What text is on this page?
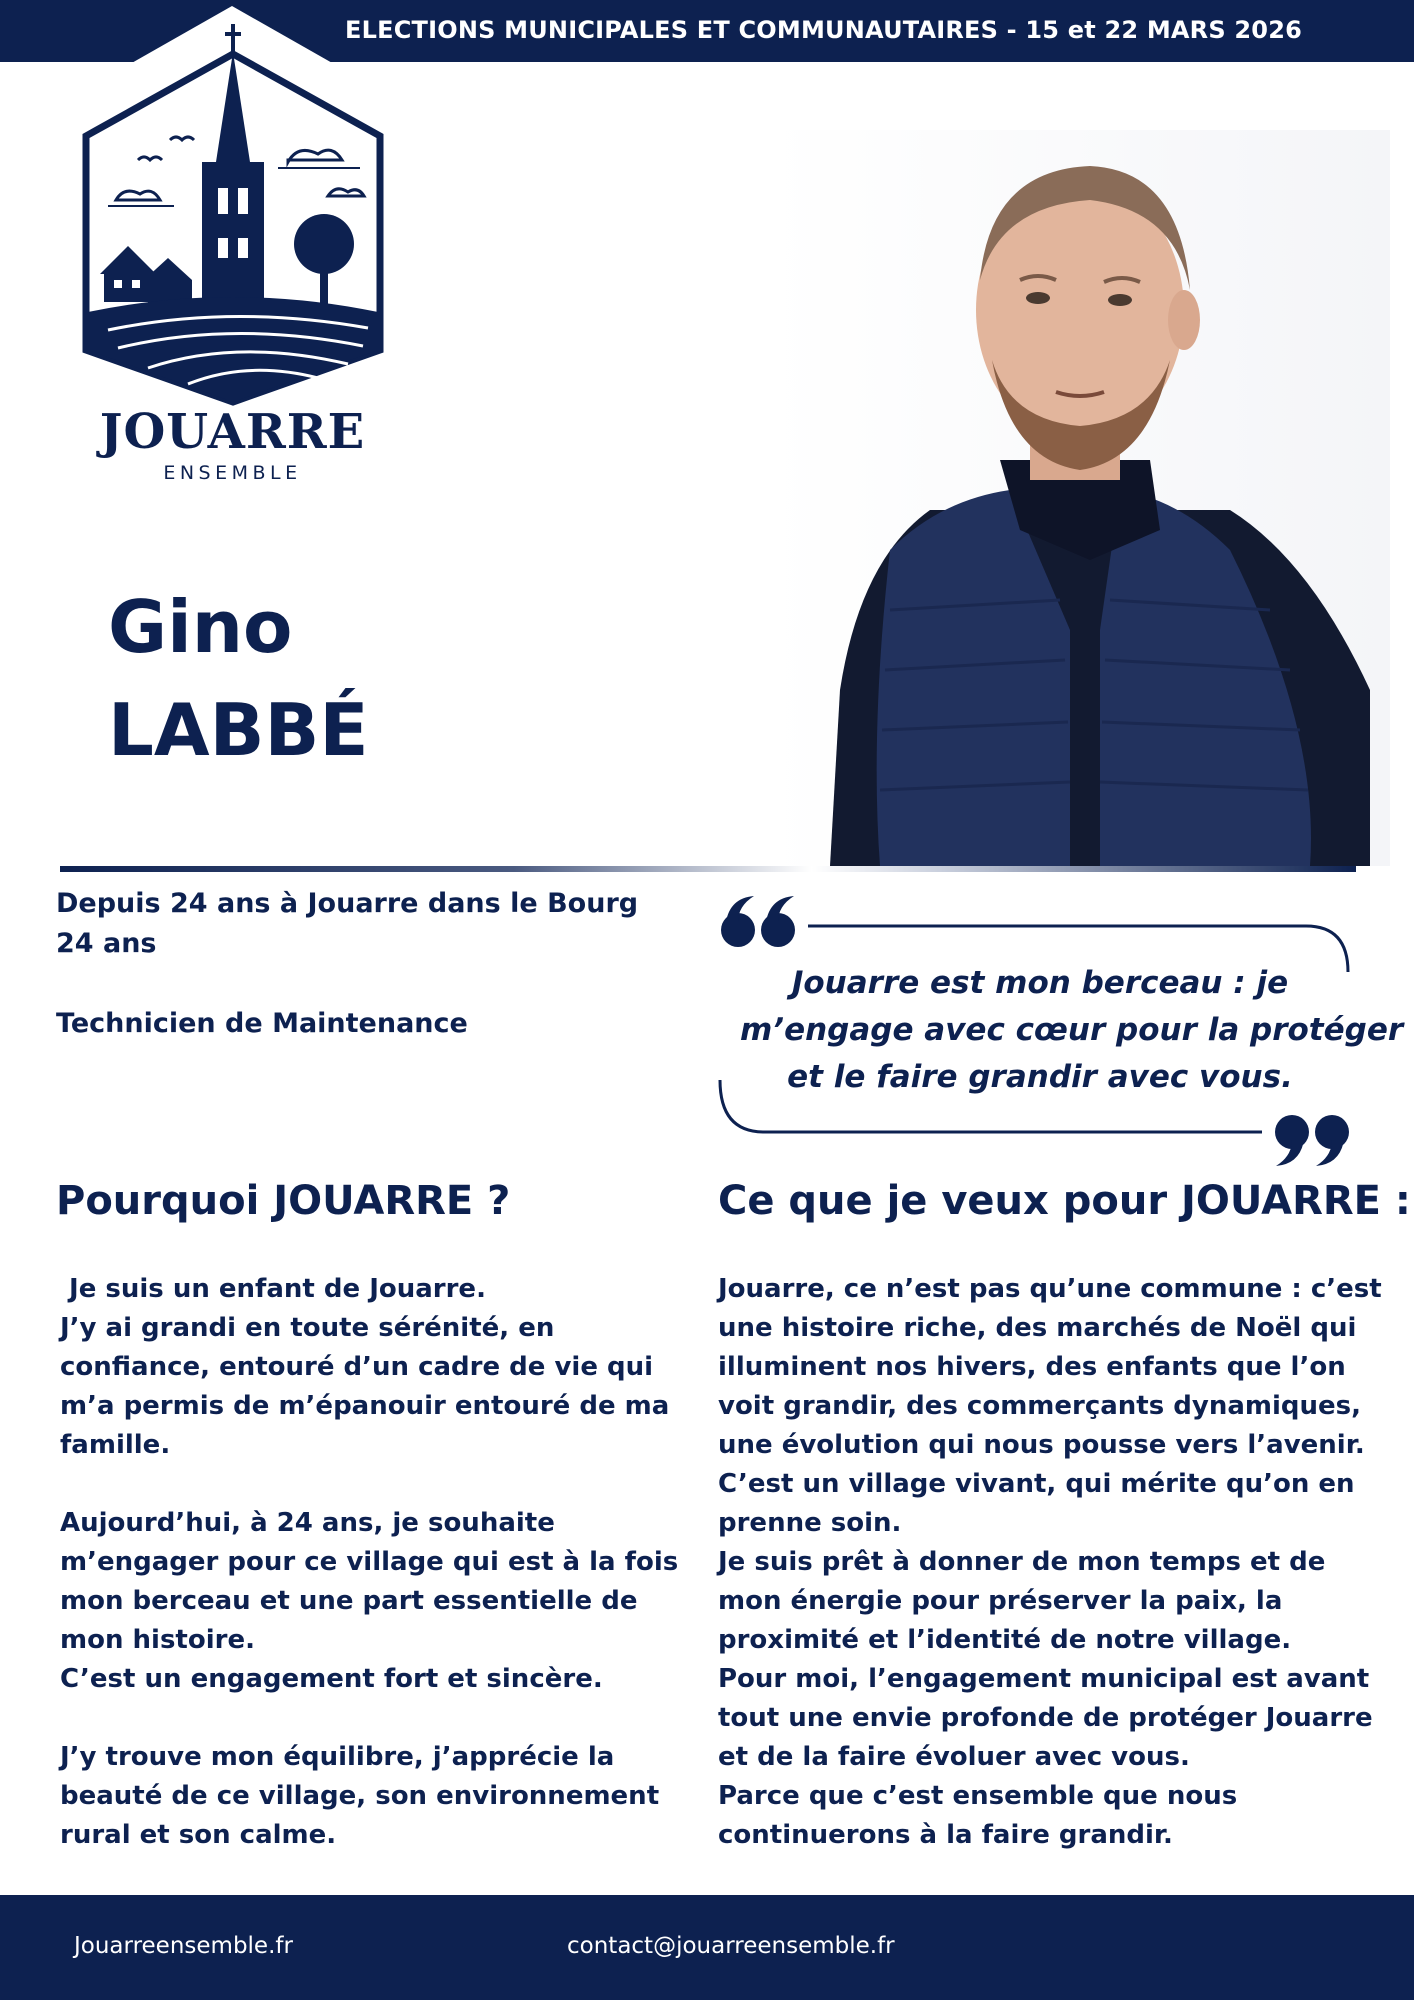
ELECTIONS MUNICIPALES ET COMMUNAUTAIRES - 15 et 22 MARS 2026
JOUARRE
ENSEMBLE
Gino
LABBÉ
Depuis 24 ans à Jouarre dans le Bourg
24 ans
Technicien de Maintenance
Jouarre est mon berceau : je
m’engage avec cœur pour la protéger
et le faire grandir avec vous.
Pourquoi JOUARRE ?	Ce que je veux pour JOUARRE :
Je suis un enfant de Jouarre.
J’y ai grandi en toute sérénité, en
confiance, entouré d’un cadre de vie qui
m’a permis de m’épanouir entouré de ma
famille.
Aujourd’hui, à 24 ans, je souhaite
m’engager pour ce village qui est à la fois
mon berceau et une part essentielle de
mon histoire.
C’est un engagement fort et sincère.
J’y trouve mon équilibre, j’apprécie la
beauté de ce village, son environnement
rural et son calme.
Jouarre, ce n’est pas qu’une commune : c’est
une histoire riche, des marchés de Noël qui
illuminent nos hivers, des enfants que l’on
voit grandir, des commerçants dynamiques,
une évolution qui nous pousse vers l’avenir.
C’est un village vivant, qui mérite qu’on en
prenne soin.
Je suis prêt à donner de mon temps et de
mon énergie pour préserver la paix, la
proximité et l’identité de notre village.
Pour moi, l’engagement municipal est avant
tout une envie profonde de protéger Jouarre
et de la faire évoluer avec vous.
Parce que c’est ensemble que nous
continuerons à la faire grandir.
Jouarreensemble.fr	contact@jouarreensemble.fr
